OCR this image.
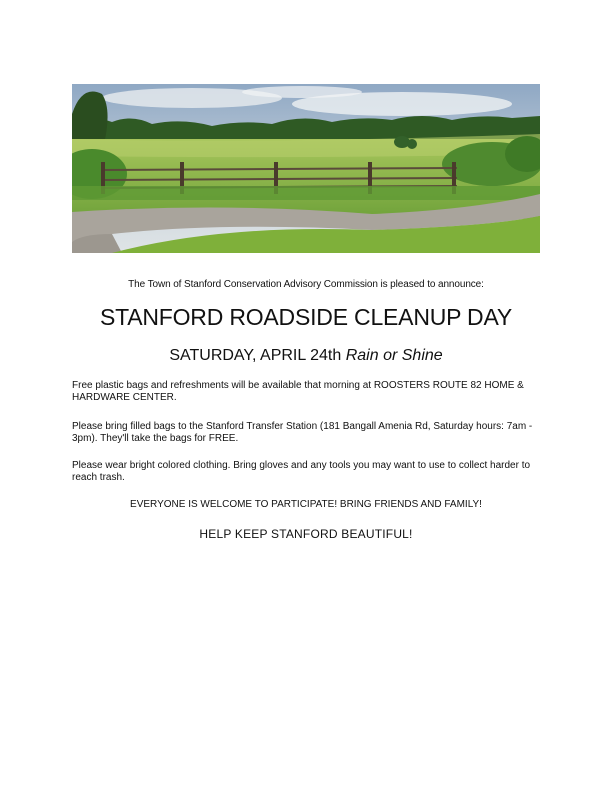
The Town of Stanford Conservation Advisory Commission is pleased to announce:
STANFORD ROADSIDE CLEANUP DAY

SATURDAY, APRIL 24th Rain or Shine

Free plastic bags and refreshments will be available that morning at ROOSTERS ROUTE 82 HOME & HARDWARE CENTER.

Please bring filled bags to the Stanford Transfer Station (181 Bangall Amenia Rd, Saturday hours: 7am - 3pm). They'll take the bags for FREE.

Please wear bright colored clothing. Bring gloves and any tools you may want to use to collect harder to reach trash.

EVERYONE IS WELCOME TO PARTICIPATE! BRING FRIENDS AND FAMILY!

HELP KEEP STANFORD BEAUTIFUL!
